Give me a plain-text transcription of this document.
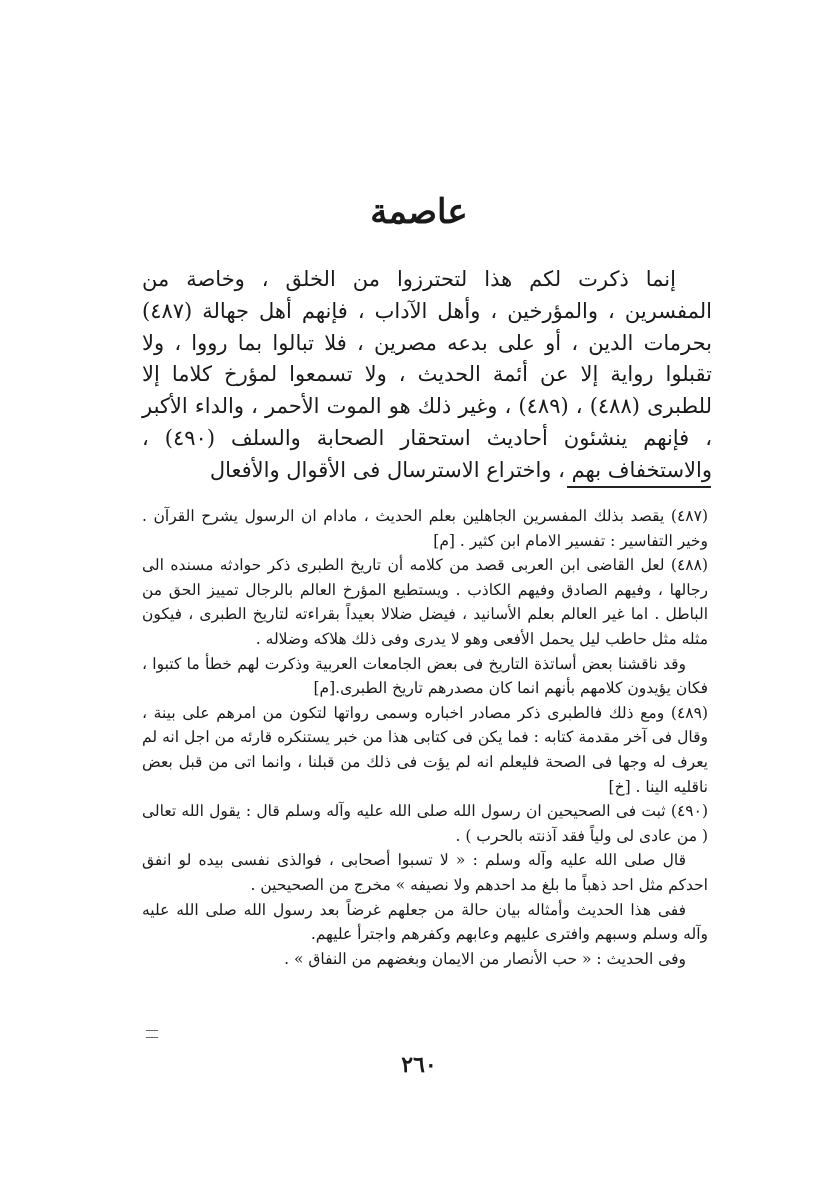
عاصمة

إنما ذكرت لكم هذا لتحترزوا من الخلق ، وخاصة من المفسرين ، والمؤرخين ، وأهل الآداب ، فإنهم أهل جهالة (٤٨٧) بحرمات الدين ، أو على بدعه مصرين ، فلا تبالوا بما رووا ، ولا تقبلوا رواية إلا عن أئمة الحديث ، ولا تسمعوا لمؤرخ كلاما إلا للطبرى (٤٨٨) ، (٤٨٩) ، وغير ذلك هو الموت الأحمر ، والداء الأكبر ، فإنهم ينشئون أحاديث استحقار الصحابة والسلف (٤٩٠) ، والاستخفاف بهم ، واختراع الاسترسال فى الأقوال والأفعال

(٤٨٧) يقصد بذلك المفسرين الجاهلين بعلم الحديث ، مادام ان الرسول يشرح القرآن . وخير التفاسير : تفسير الامام ابن كثير . [م]

(٤٨٨) لعل القاضى ابن العربى قصد من كلامه أن تاريخ الطبرى ذكر حوادثه مسنده الى رجالها ، وفيهم الصادق وفيهم الكاذب . ويستطيع المؤرخ العالم بالرجال تمييز الحق من الباطل . اما غير العالم بعلم الأسانيد ، فيضل ضلالا بعيداً بقراءته لتاريخ الطبرى ، فيكون مثله مثل حاطب ليل يحمل الأفعى وهو لا يدرى وفى ذلك هلاكه وضلاله .

وقد ناقشنا بعض أساتذة التاريخ فى بعض الجامعات العربية وذكرت لهم خطأ ما كتبوا ، فكان يؤيدون كلامهم بأنهم انما كان مصدرهم تاريخ الطبرى.[م]

(٤٨٩) ومع ذلك فالطبرى ذكر مصادر اخباره وسمى رواتها لتكون من امرهم على بينة ، وقال فى آخر مقدمة كتابه : فما يكن فى كتابى هذا من خبر يستنكره قارئه من اجل انه لم يعرف له وجها فى الصحة فليعلم انه لم يؤت فى ذلك من قبلنا ، وانما اتى من قبل بعض ناقليه الينا . [خ]

(٤٩٠) ثبت فى الصحيحين ان رسول الله صلى الله عليه وآله وسلم قال : يقول الله تعالى ( من عادى لى ولياً فقد آذنته بالحرب ) .

قال صلى الله عليه وآله وسلم : « لا تسبوا أصحابى ، فوالذى نفسى بيده لو انفق احدكم مثل احد ذهباً ما بلغ مد احدهم ولا نصيفه » مخرج من الصحيحين .

ففى هذا الحديث وأمثاله بيان حالة من جعلهم غرضاً بعد رسول الله صلى الله عليه وآله وسلم وسبهم وافترى عليهم وعابهم وكفرهم واجترأ عليهم.

وفى الحديث : « حب الأنصار من الايمان وبغضهم من النفاق » .

٢٦٠
